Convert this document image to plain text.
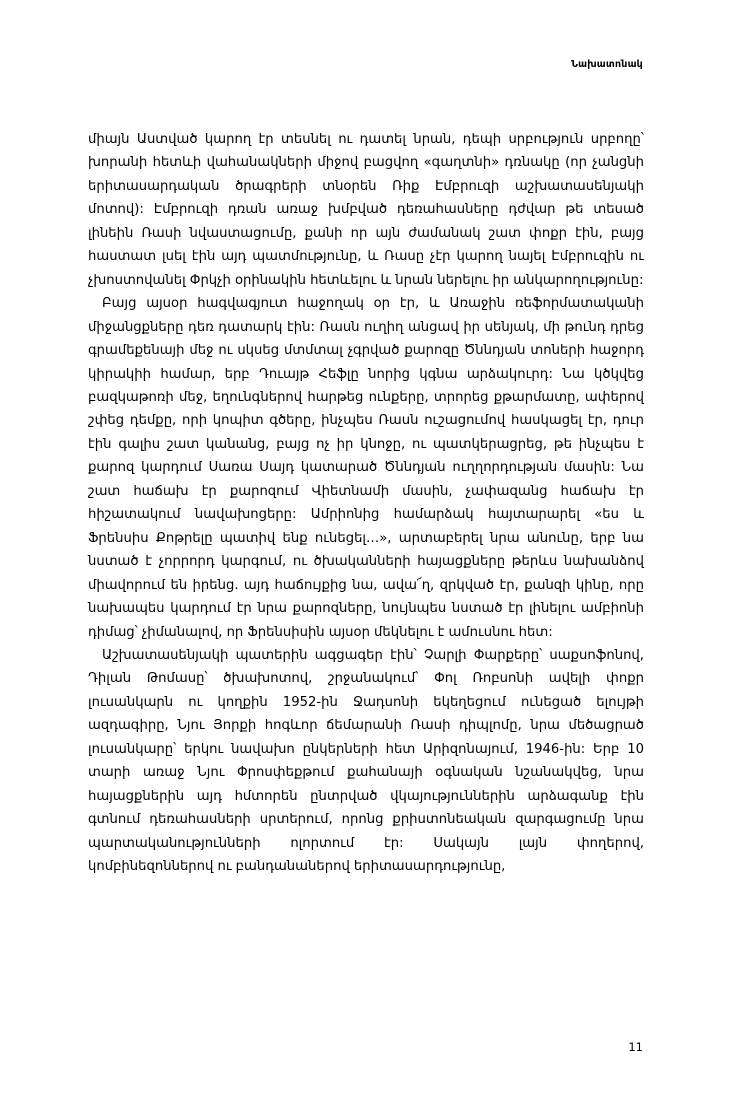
Նախատոնակ

միայն Աստված կարող էր տեսնել ու դատել նրան, դեպի սրբություն սրբողը՝ խորանի հետևի վահանակների միջով բացվող «գաղտնի» դռնակը (որ չանցնի երիտասարդական ծրագրերի տնօրեն Ռիք Էմբրուզի աշխատասենյակի մոտով): Էմբրուզի դռան առաջ խմբված դեռահասները դժվար թե տեսած լինեին Ռասի նվաստացումը, քանի որ այն ժամանակ շատ փոքր էին, բայց հաստատ լսել էին այդ պատմությունը, և Ռասը չէր կարող նայել Էմբրուզին ու չխոստովանել Փրկչի օրինակին հետևելու և նրան ներելու իր անկարողությունը:

Բայց այսօր հագվագյուտ հաջողակ օր էր, և Առաջին ռեֆորմատականի միջանցքները դեռ դատարկ էին: Ռասն ուղիղ անցավ իր սենյակ, մի թունդ դրեց գրամեքենայի մեջ ու սկսեց մտմտալ չգրված քարոզը Ծննդյան տոների հաջորդ կիրակիի համար, երբ Դուայթ Հեֆլը նորից կգնա արձակուրդ: Նա կծկվեց բազկաթոռի մեջ, եղունգներով հարթեց ունքերը, տրորեց քթարմատը, ափերով շփեց դեմքը, որի կոպիտ գծերը, ինչպես Ռասն ուշացումով հասկացել էր, դուր էին գալիս շատ կանանց, բայց ոչ իր կնոջը, ու պատկերացրեց, թե ինչպես է քարոզ կարդում Սառա Սայդ կատարած Ծննդյան ուղղորդության մասին: Նա շատ հաճախ էր քարոզում Վիետնամի մասին, չափազանց հաճախ էր հիշատակում նավախոցերը: Ամրիոնից համարձակ հայտարարել «ես և Ֆրենսիս Քոթրելը պատիվ ենք ունեցել…», արտաբերել նրա անունը, երբ նա նստած է չորրորդ կարգում, ու ծխականների հայացքները թերևս նախանձով միավորում են իրենց. այդ հաճույքից նա, ավա՜ղ, զրկված էր, քանզի կինը, որը նախապես կարդում էր նրա քարոզները, նույնպես նստած էր լինելու ամբիոնի դիմաց՝ չիմանալով, որ Ֆրենսիսին այսօր մեկնելու է ամուսնու հետ:

Աշխատասենյակի պատերին ագցագեր էին՝ Չարլի Փարքերը՝ սաքսոֆոնով, Դիլան Թոմասը՝ ծխախոտով, շրջանակում՝ Փոլ Ռոբսոնի ավելի փոքր լուսանկարն ու կողքին 1952-ին Ջադսոնի եկեղեցում ունեցած ելույթի ազդագիրը, Նյու Յորքի հոգևոր ճեմարանի Ռասի դիպլոմը, նրա մեծացրած լուսանկարը՝ երկու նավախո ընկերների հետ Արիզոնայում, 1946-ին: Երբ 10 տարի առաջ Նյու Փրոսփեքթում քահանայի օգնական նշանակվեց, նրա հայացքներին այդ հմտորեն ընտրված վկայություններին արձագանք էին գտնում դեռահասների սրտերում, որոնց քրիստոնեական զարգացումը նրա պարտականությունների ոլորտում էր: Սակայն լայն փողերով, կոմբինեզոններով ու բանդանաներով երիտասարդությունը,

11
